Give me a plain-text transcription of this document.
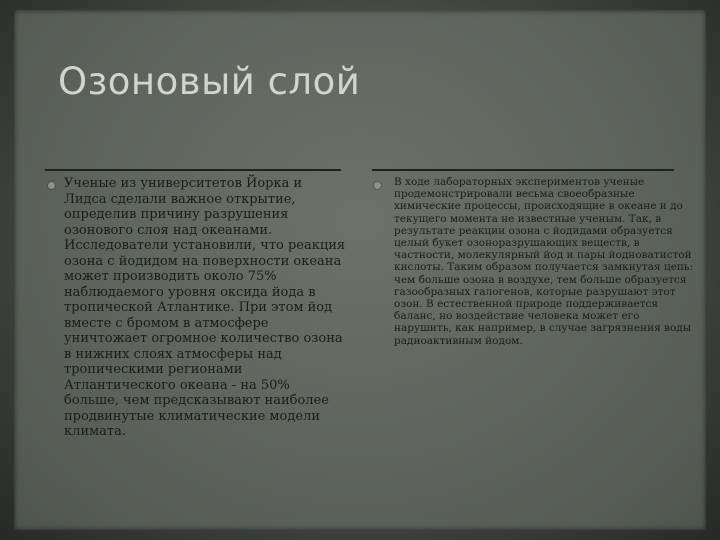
Озоновый слой

Ученые из университетов Йорка и Лидса сделали важное открытие, определив причину разрушения озонового слоя над океанами. Исследователи установили, что реакция озона с йодидом на поверхности океана может производить около 75% наблюдаемого уровня оксида йода в тропической Атлантике. При этом йод вместе с бромом в атмосфере уничтожает огромное количество озона в нижних слоях атмосферы над тропическими регионами Атлантического океана - на 50% больше, чем предсказывают наиболее продвинутые климатические модели климата.

В ходе лабораторных экспериментов ученые продемонстрировали весьма своеобразные химические процессы, происходящие в океане и до текущего момента не известные ученым. Так, в результате реакции озона с йодидами образуется целый букет озоноразрушающих веществ, в частности, молекулярный йод и пары йодноватистой кислоты. Таким образом получается замкнутая цепь: чем больше озона в воздухе, тем больше образуется газообразных галогенов, которые разрушают этот озон. В естественной природе поддерживается баланс, но воздействие человека может его нарушить, как например, в случае загрязнения воды радиоактивным йодом.
